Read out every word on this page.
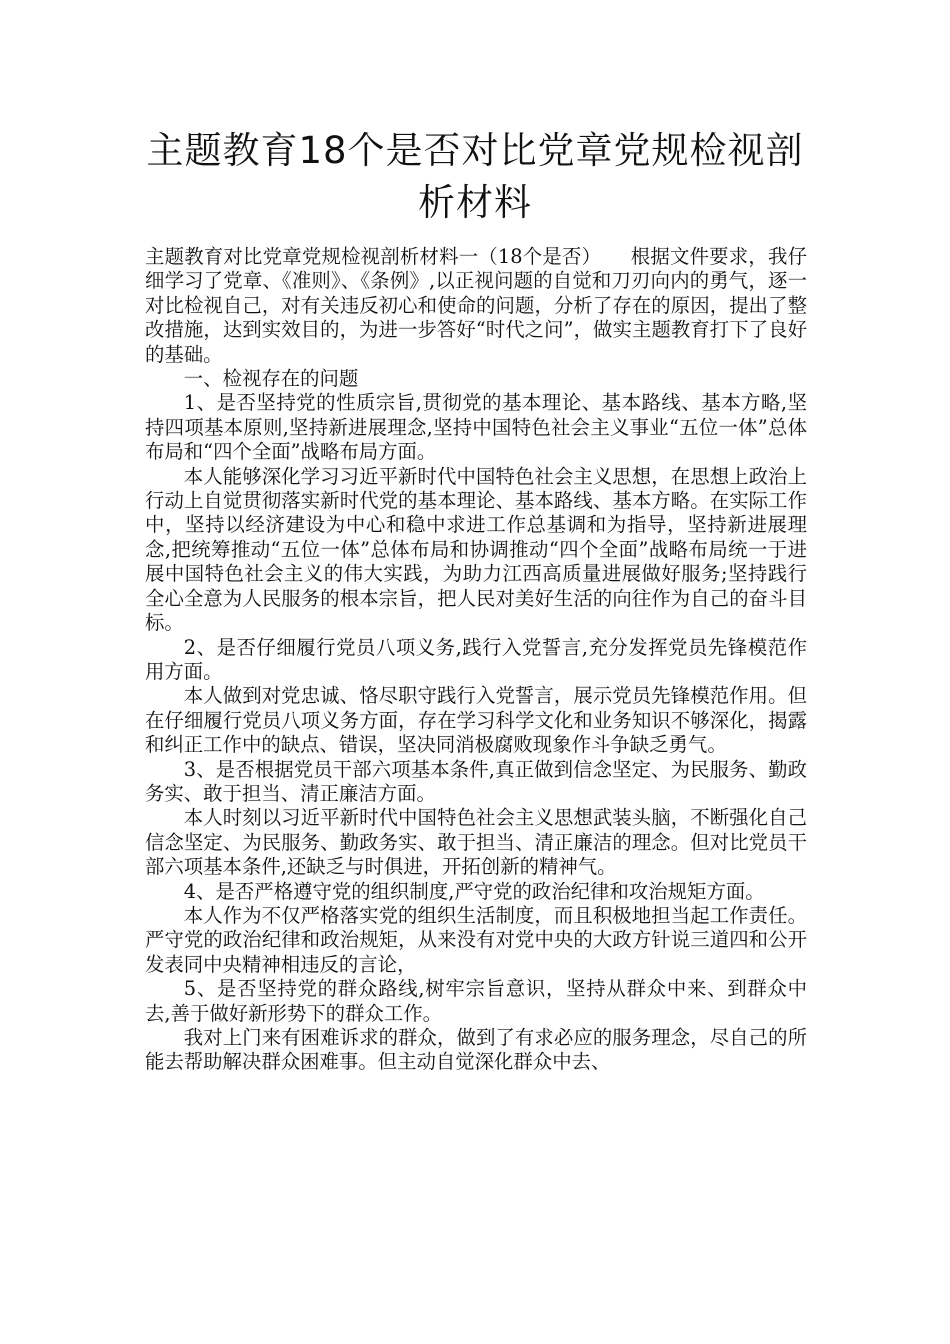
主题教育18个是否对比党章党规检视剖析材料

主题教育对比党章党规检视剖析材料一（18个是否）　　根据文件要求，我仔细学习了党章、《准则》、《条例》,以正视问题的自觉和刀刃向内的勇气，逐一对比检视自己，对有关违反初心和使命的问题，分析了存在的原因，提出了整改措施，达到实效目的，为进一步答好“时代之问”，做实主题教育打下了良好的基础。

一、检视存在的问题

1、是否坚持党的性质宗旨,贯彻党的基本理论、基本路线、基本方略,坚持四项基本原则,坚持新进展理念,坚持中国特色社会主义事业“五位一体”总体布局和“四个全面”战略布局方面。

本人能够深化学习习近平新时代中国特色社会主义思想，在思想上政治上行动上自觉贯彻落实新时代党的基本理论、基本路线、基本方略。在实际工作中，坚持以经济建设为中心和稳中求进工作总基调和为指导，坚持新进展理念,把统筹推动“五位一体”总体布局和协调推动“四个全面”战略布局统一于进展中国特色社会主义的伟大实践，为助力江西高质量进展做好服务;坚持践行全心全意为人民服务的根本宗旨，把人民对美好生活的向往作为自己的奋斗目标。

2、是否仔细履行党员八项义务,践行入党誓言,充分发挥党员先锋模范作用方面。

本人做到对党忠诚、恪尽职守践行入党誓言，展示党员先锋模范作用。但在仔细履行党员八项义务方面，存在学习科学文化和业务知识不够深化，揭露和纠正工作中的缺点、错误，坚决同消极腐败现象作斗争缺乏勇气。

3、是否根据党员干部六项基本条件,真正做到信念坚定、为民服务、勤政务实、敢于担当、清正廉洁方面。

本人时刻以习近平新时代中国特色社会主义思想武装头脑，不断强化自己信念坚定、为民服务、勤政务实、敢于担当、清正廉洁的理念。但对比党员干部六项基本条件,还缺乏与时俱进，开拓创新的精神气。

4、是否严格遵守党的组织制度,严守党的政治纪律和攻治规矩方面。

本人作为不仅严格落实党的组织生活制度，而且积极地担当起工作责任。严守党的政治纪律和政治规矩，从来没有对党中央的大政方针说三道四和公开发表同中央精神相违反的言论，

5、是否坚持党的群众路线,树牢宗旨意识，坚持从群众中来、到群众中去,善于做好新形势下的群众工作。

我对上门来有困难诉求的群众，做到了有求必应的服务理念，尽自己的所能去帮助解决群众困难事。但主动自觉深化群众中去、
